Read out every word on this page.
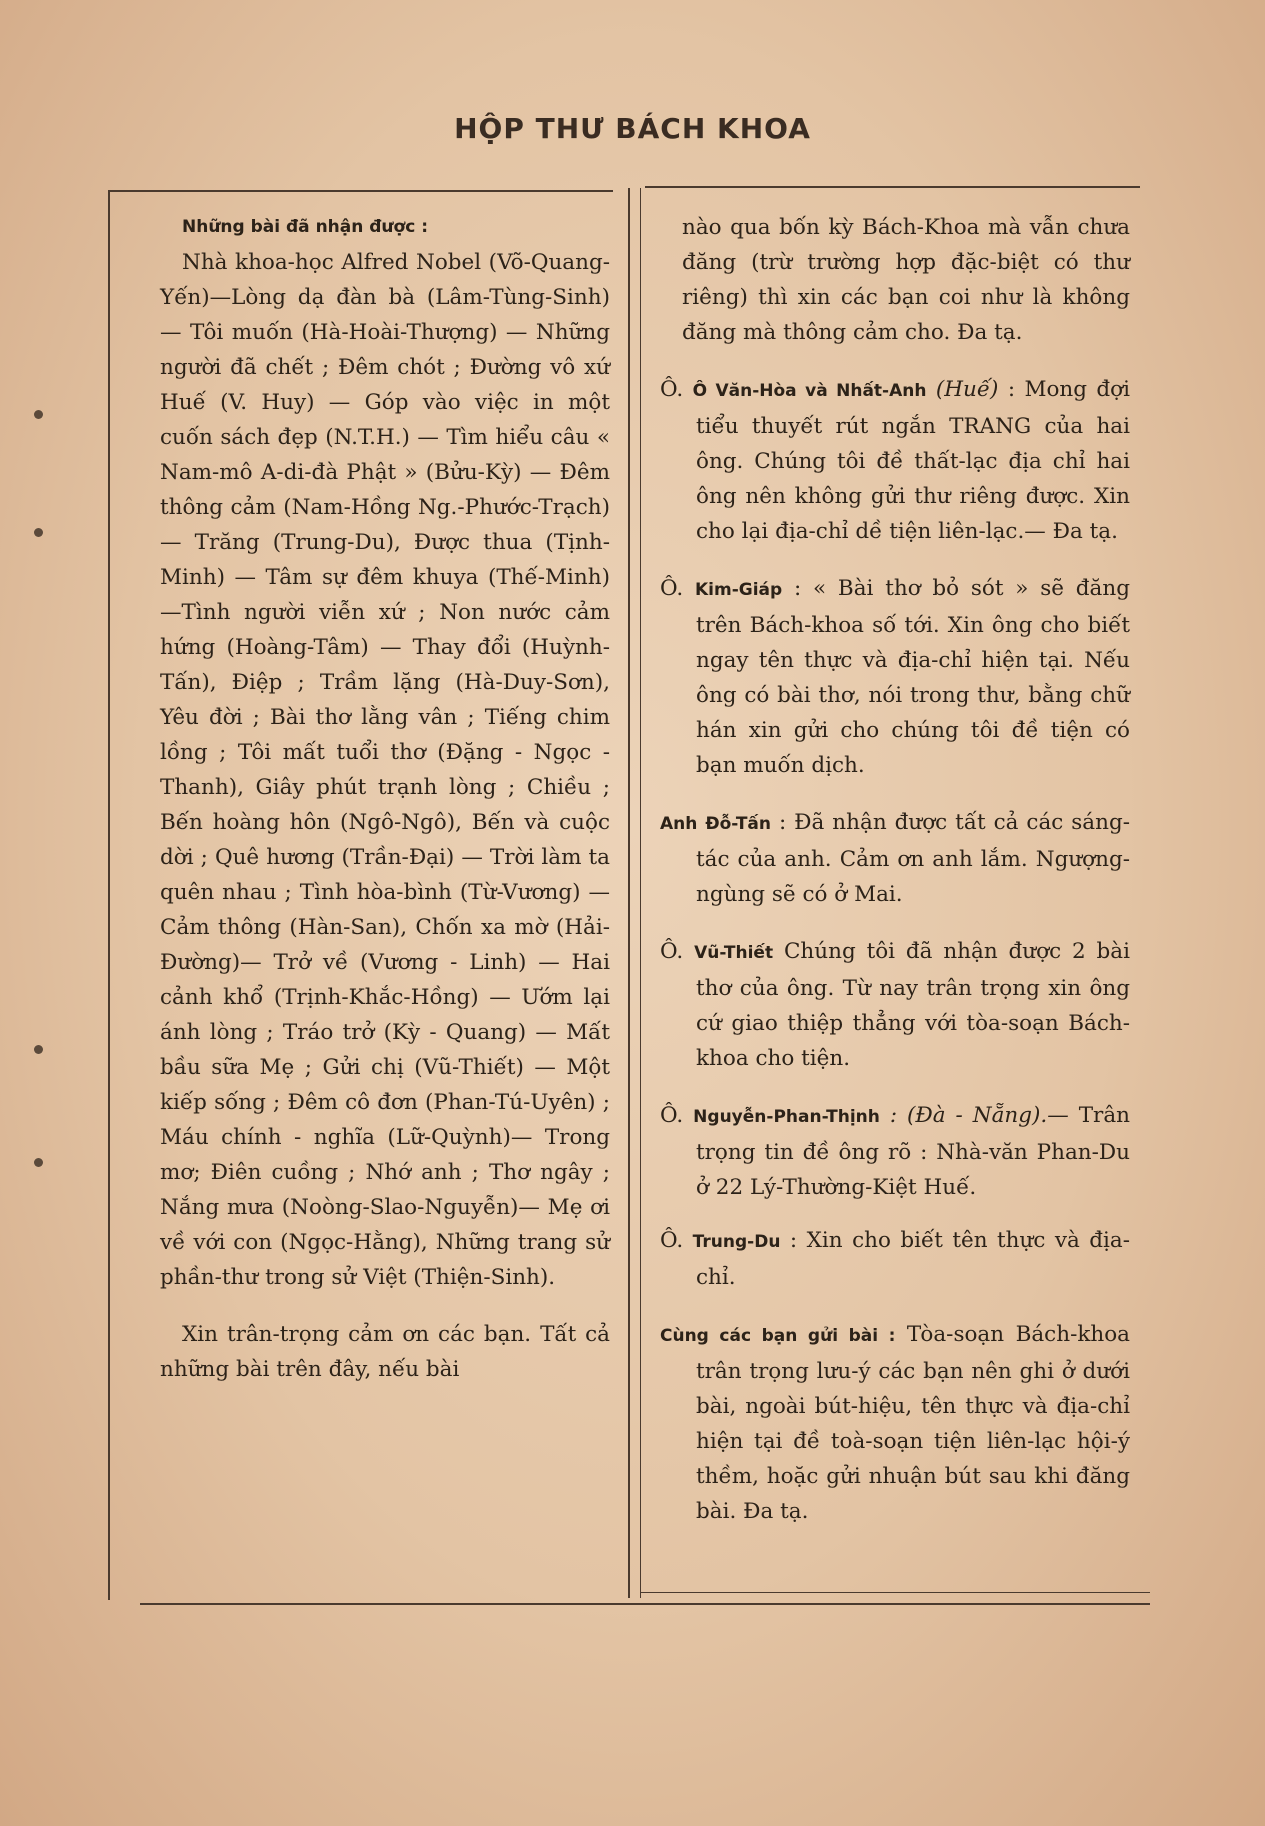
HỘP THƯ BÁCH KHOA

Những bài đã nhận được :

Nhà khoa-học Alfred Nobel (Võ-Quang-Yến)—Lòng dạ đàn bà (Lâm-Tùng-Sinh) — Tôi muốn (Hà-Hoài-Thượng) — Những người đã chết ; Đêm chót ; Đường vô xứ Huế (V. Huy) — Góp vào việc in một cuốn sách đẹp (N.T.H.) — Tìm hiểu câu « Nam-mô A-di-đà Phật » (Bửu-Kỳ) — Đêm thông cảm (Nam-Hồng Ng.-Phước-Trạch)— Trăng (Trung-Du), Được thua (Tịnh-Minh) — Tâm sự đêm khuya (Thế-Minh)—Tình người viễn xứ ; Non nước cảm hứng (Hoàng-Tâm) — Thay đổi (Huỳnh-Tấn), Điệp ; Trầm lặng (Hà-Duy-Sơn), Yêu đời ; Bài thơ lằng vân ; Tiếng chim lồng ; Tôi mất tuổi thơ (Đặng - Ngọc - Thanh), Giây phút trạnh lòng ; Chiều ; Bến hoàng hôn (Ngô-Ngô), Bến và cuộc dời ; Quê hương (Trần-Đại) — Trời làm ta quên nhau ; Tình hòa-bình (Từ-Vương) — Cảm thông (Hàn-San), Chốn xa mờ (Hải-Đường)— Trở về (Vương - Linh) — Hai cảnh khổ (Trịnh-Khắc-Hồng) — Ướm lại ánh lòng ; Tráo trở (Kỳ - Quang) — Mất bầu sữa Mẹ ; Gửi chị (Vũ-Thiết) — Một kiếp sống ; Đêm cô đơn (Phan-Tú-Uyên) ; Máu chính - nghĩa (Lữ-Quỳnh)— Trong mơ; Điên cuồng ; Nhớ anh ; Thơ ngây ; Nắng mưa (Noòng-Slao-Nguyễn)— Mẹ ơi về với con (Ngọc-Hằng), Những trang sử phần-thư trong sử Việt (Thiện-Sinh).

Xin trân-trọng cảm ơn các bạn. Tất cả những bài trên đây, nếu bài

nào qua bốn kỳ Bách-Khoa mà vẫn chưa đăng (trừ trường hợp đặc-biệt có thư riêng) thì xin các bạn coi như là không đăng mà thông cảm cho. Đa tạ.

Ô. Ô Văn-Hòa và Nhất-Anh (Huế) : Mong đợi tiểu thuyết rút ngắn TRANG của hai ông. Chúng tôi đề thất-lạc địa chỉ hai ông nên không gửi thư riêng được. Xin cho lại địa-chỉ dề tiện liên-lạc.— Đa tạ.

Ô. Kim-Giáp : « Bài thơ bỏ sót » sẽ đăng trên Bách-khoa số tới. Xin ông cho biết ngay tên thực và địa-chỉ hiện tại. Nếu ông có bài thơ, nói trong thư, bằng chữ hán xin gửi cho chúng tôi đề tiện có bạn muốn dịch.

Anh Đỗ-Tấn : Đã nhận được tất cả các sáng-tác của anh. Cảm ơn anh lắm. Ngượng-ngùng sẽ có ở Mai.

Ô. Vũ-Thiết Chúng tôi đã nhận được 2 bài thơ của ông. Từ nay trân trọng xin ông cứ giao thiệp thẳng với tòa-soạn Bách-khoa cho tiện.

Ô. Nguyễn-Phan-Thịnh : (Đà - Nẵng).— Trân trọng tin đề ông rõ : Nhà-văn Phan-Du ở 22 Lý-Thường-Kiệt Huế.

Ô. Trung-Du : Xin cho biết tên thực và địa-chỉ.

Cùng các bạn gửi bài : Tòa-soạn Bách-khoa trân trọng lưu-ý các bạn nên ghi ở dưới bài, ngoài bút-hiệu, tên thực và địa-chỉ hiện tại đề toà-soạn tiện liên-lạc hội-ý thềm, hoặc gửi nhuận bút sau khi đăng bài. Đa tạ.
